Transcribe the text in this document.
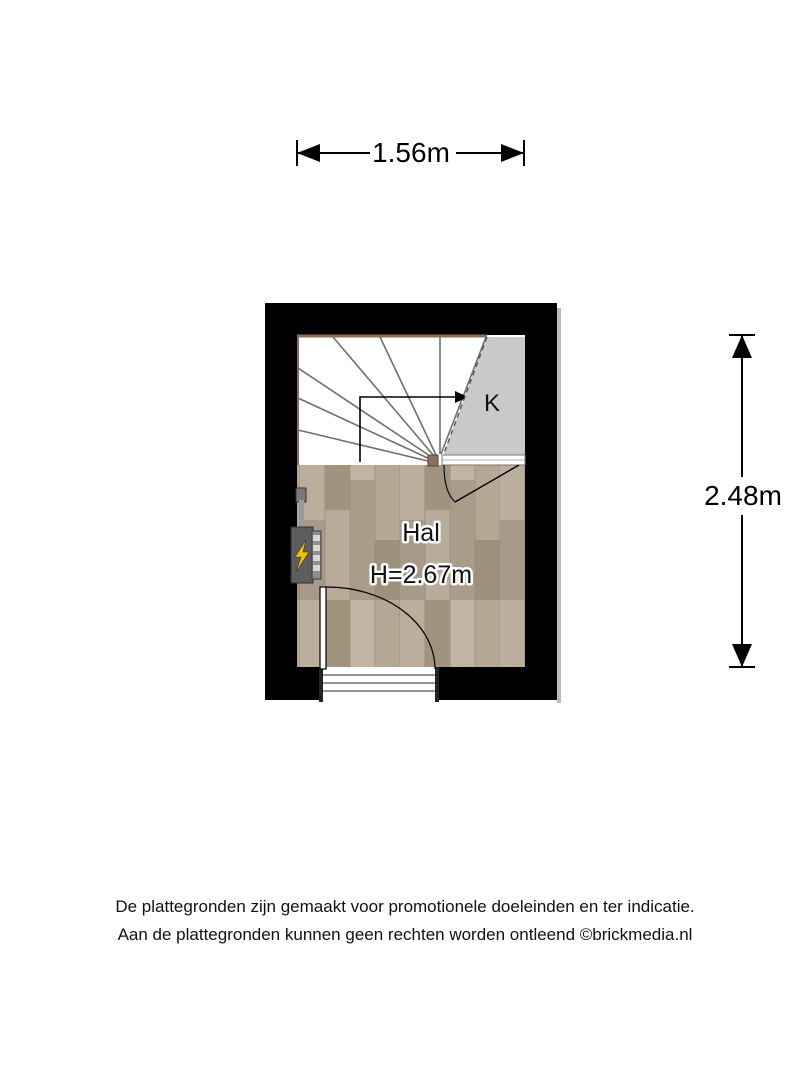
1.56m
2.48m
K
Hal
H=2.67m
De plattegronden zijn gemaakt voor promotionele doeleinden en ter indicatie.
Aan de plattegronden kunnen geen rechten worden ontleend ©brickmedia.nl
